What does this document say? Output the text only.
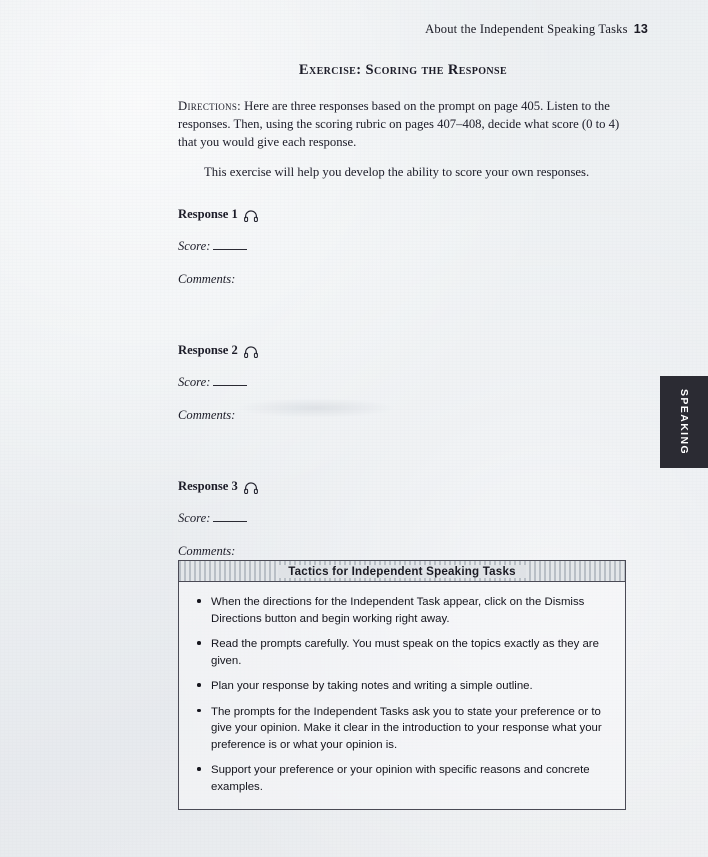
About the Independent Speaking Tasks 13
Exercise: Scoring the Response

Directions: Here are three responses based on the prompt on page 405. Listen to the responses. Then, using the scoring rubric on pages 407–408, decide what score (0 to 4) that you would give each response.

This exercise will help you develop the ability to score your own responses.

Response 1
Score:
Comments:
Response 2
Score:
Comments:
Response 3
Score:
Comments:
SPEAKING
Tactics for Independent Speaking Tasks
When the directions for the Independent Task appear, click on the Dismiss Directions button and begin working right away.
Read the prompts carefully. You must speak on the topics exactly as they are given.
Plan your response by taking notes and writing a simple outline.
The prompts for the Independent Tasks ask you to state your preference or to give your opinion. Make it clear in the introduction to your response what your preference is or what your opinion is.
Support your preference or your opinion with specific reasons and concrete examples.
